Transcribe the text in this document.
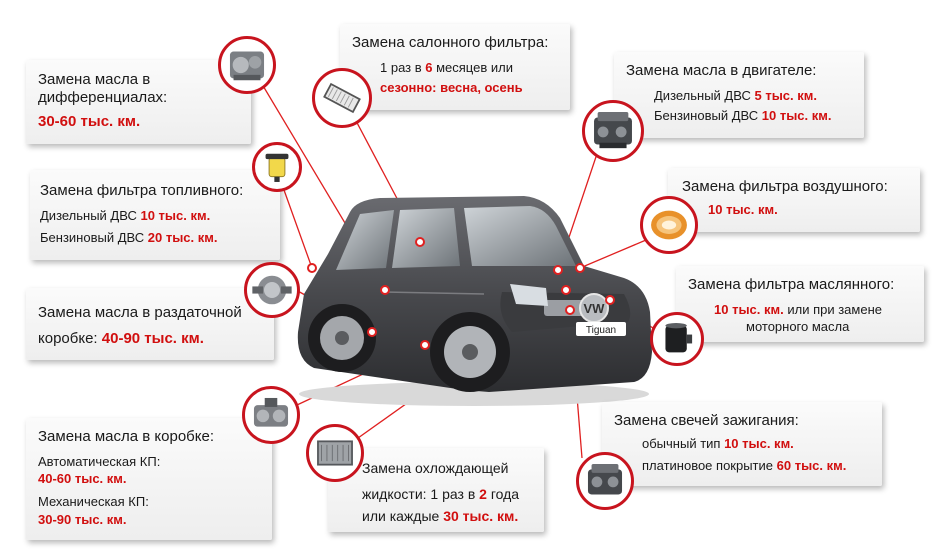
VW
Tiguan
Замена масла в
дифференциалах:
30-60 тыс. км.
Замена салонного фильтра:
1 раз в 6 месяцев или
сезонно: весна, осень
Замена масла в двигателе:
Дизельный ДВС 5 тыс. км.
Бензиновый ДВС 10 тыс. км.
Замена фильтра топливного:
Дизельный ДВС 10 тыс. км.
Бензиновый ДВС 20 тыс. км.
Замена фильтра воздушного:
10 тыс. км.
Замена масла в раздаточной
коробке: 40-90 тыс. км.
Замена фильтра маслянного:
10 тыс. км. или при замене
моторного масла
Замена масла в коробке:
Автоматическая КП:
40-60 тыс. км.
Механическая КП:
30-90 тыс. км.
Замена охлождающей
жидкости: 1 раз в 2 года
или каждые 30 тыс. км.
Замена свечей зажигания:
обычный тип 10 тыс. км.
платиновое покрытие 60 тыс. км.
